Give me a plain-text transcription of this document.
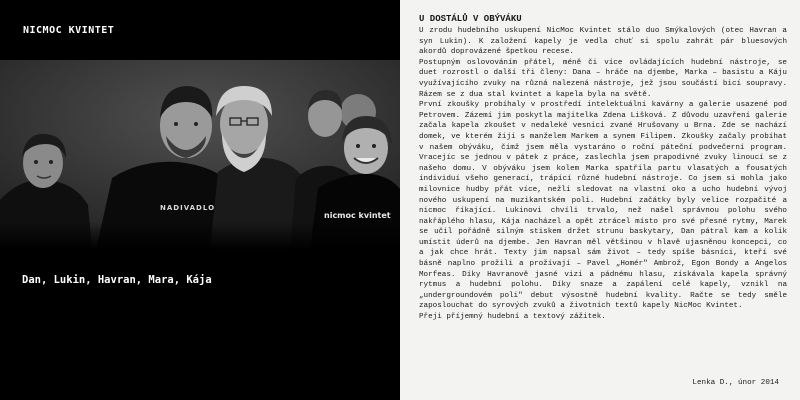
NICMOC KVINTET
Dan, Lukin, Havran, Mara, Kája
U DOSTÁLŮ V OBÝVÁKU

U zrodu hudebního uskupení NicMoc Kvintet stálo duo Smýkalových (otec Havran a syn Lukin). K založení kapely je vedla chuť si spolu zahrát pár bluesových akordů doprovázené špetkou recese.

Postupným oslovováním přátel, méně či více ovládajících hudební nástroje, se duet rozrostl o další tři členy: Dana – hráče na djembe, Marka – basistu a Káju využívajícího zvuky na různá nalezená nástroje, jež jsou součástí bicí soupravy. Rázem se z dua stal kvintet a kapela byla na světě.

První zkoušky probíhaly v prostředí intelektuální kavárny a galerie usazené pod Petrovem. Zázemí jim poskytla majitelka Zdena Lišková. Z důvodu uzavření galerie začala kapela zkoušet v nedaleké vesnici zvané Hrušovany u Brna. Zde se nachází domek, ve kterém žiji s manželem Markem a synem Filipem. Zkoušky začaly probíhat v našem obýváku, čímž jsem měla vystaráno o roční páteční podvečerní program. Vracejíc se jednou v pátek z práce, zaslechla jsem prapodivné zvuky linoucí se z našeho domu. V obýváku jsem kolem Marka spatřila partu vlasatých a fousatých individuí všeho generací, trápící různé hudební nástroje. Co jsem si mohla jako milovnice hudby přát více, nežli sledovat na vlastní oko a ucho hudební vývoj nového uskupení na muzikantském poli. Hudební začátky byly velice rozpačité a nicmoc říkající. Lukinovi chvíli trvalo, než našel správnou polohu svého nakřáplého hlasu, Kája nacházel a opět ztrácel místo pro své přesné rytmy, Marek se učil pořádně silným stiskem držet strunu baskytary, Dan pátral kam a kolik umístit úderů na djembe. Jen Havran měl většinou v hlavě ujasněnou koncepci, co a jak chce hrát. Texty jim napsal sám život – tedy spíše básníci, kteří své básně naplno prožili a prožívají – Pavel „Homér" Ambrož, Egon Bondy a Angelos Morfeas. Díky Havranově jasné vizi a pádnému hlasu, získávala kapela správný rytmus a hudební polohu. Díky snaze a zapálení celé kapely, vznikl na „undergroundovém poli" debut výsostně hudební kvality. Račte se tedy směle zaposlouchat do syrových zvuků a životních textů kapely NicMoc Kvintet.

Přeji příjemný hudební a textový zážitek.

Lenka D., únor 2014
